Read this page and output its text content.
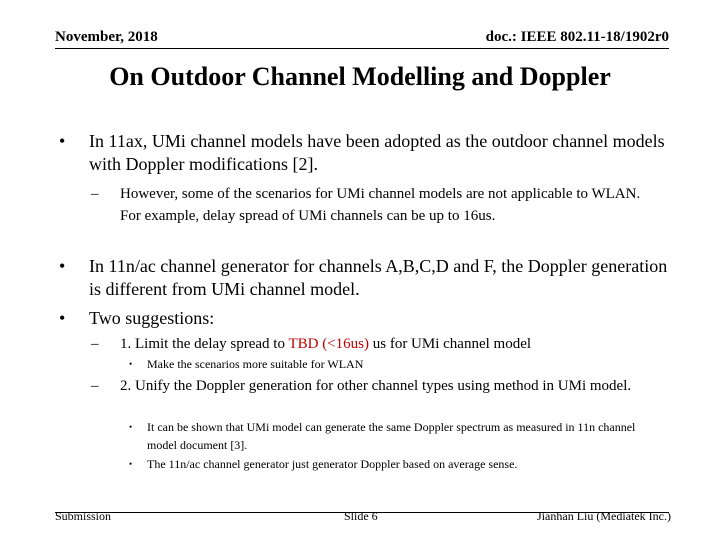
November, 2018	doc.: IEEE 802.11-18/1902r0
On Outdoor Channel Modelling and Doppler
• In 11ax, UMi channel models have been adopted as the outdoor channel models with Doppler modifications [2].
– However, some of the scenarios for UMi channel models are not applicable to WLAN. For example, delay spread of UMi channels can be up to 16us.
• In 11n/ac channel generator for channels A,B,C,D and F, the Doppler generation is different from UMi channel model.
• Two suggestions:
– 1. Limit the delay spread to TBD (<16us) us for UMi channel model
• Make the scenarios more suitable for WLAN
– 2. Unify the Doppler generation for other channel types using method in UMi model.
• It can be shown that UMi model can generate the same Doppler spectrum as measured in 11n channel model document [3].
• The 11n/ac channel generator just generator Doppler based on average sense.
Submission	Slide 6	Jianhan Liu (Mediatek Inc.)
